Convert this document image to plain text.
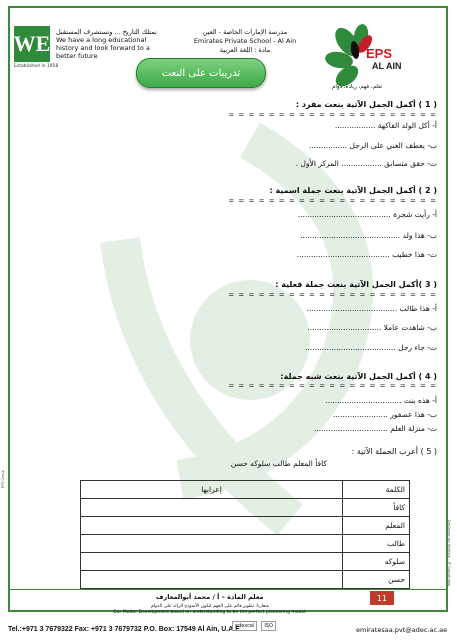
WE
Established in 1958
نمتلك التاريخ ... ونستشرف المستقبل
We have a long educational history and look forward to a better future
مدرسة الإمارات الخاصة - العين
Emirates Private School - Al Ain
مادة : اللغة العربية	EPS
AL AIN
تعلم، فهم، ريادة، دوام
تدريبات على النعت
( 1 ) أكمل الجمل الآتية بنعت مفرد :
= = = = = = = = = = = = = = = = = = = = =
أ- أكل الولد الفاكهة .................
ب- يعطف الغني على الرجل ................
ت- حقق متسابق ................. المركز الأول .
( 2 ) أكمل الجمل الآتية بنعت جملة اسمية :
= = = = = = = = = = = = = = = = = = = = =
أ- رأيت شجرة .......................................
ب- هذا ولد ..........................................
ت- هذا خطيب .......................................
( 3 )أكمل الجمل الآتية بنعت جملة فعلية :
= = = = = = = = = = = = = = = = = = = = =
أ- هذا طالب ......................................
ب- شاهدت عاملا ...............................
ت- جاء رجل ......................................
( 4 ) أكمل الجمل الآتية بنعت شبه جملة:
= = = = = = = = = = = = = = = = = = = = =
أ- هذه بنت ................................
ب- هذا عصفور .......................
ت- منزلة العلم ...............................
( 5 ) أعرب الجملة الآتية :
كافأ المعلم طالب سلوكه حسن
الكلمة	إعرابها
كافأ	
المعلم	
طالب	
سلوكه	
حسن	
11
معلم المادة – أ / محمد أبوالمعارف
شعارنا: تطوير قائم على الفهم لتكون الأنموذج الرائد على الدوام
Our Motto: Development based on understanding to be the perfect pioneering model.
EPS Group
Designed by: Shelly.dj - IT Coordinator
Tel.:+971 3 7679322 Fax: +971 3 7679732 P.O. Box: 17549 Al Ain, U.A.E.
edexcel	ISO	emiratesaa.pvt@adec.ac.ae
